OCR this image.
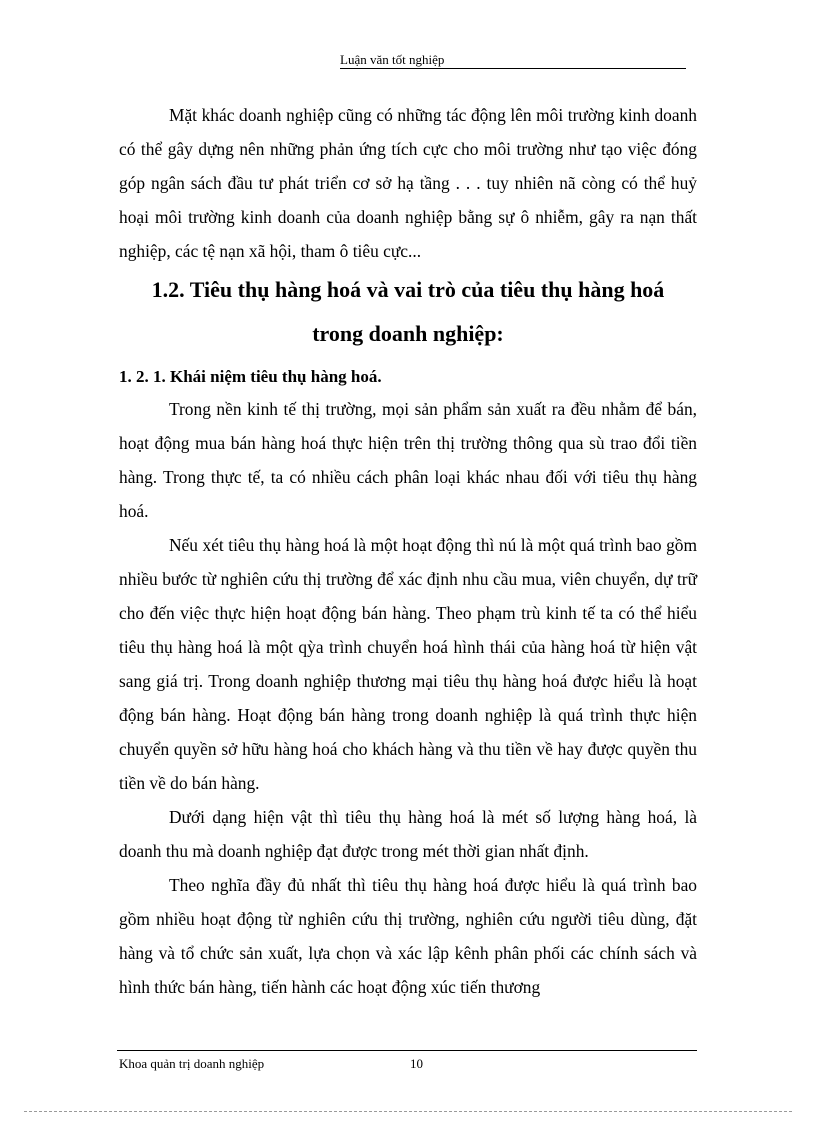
Luận văn tốt nghiệp

Mặt khác doanh nghiệp cũng có những tác động lên môi trường kinh doanh có thể gây dựng nên những phản ứng tích cực cho môi trường như tạo việc đóng góp ngân sách đầu tư phát triển cơ sở hạ tầng . . . tuy nhiên nã còng có thể huỷ hoại môi trường kinh doanh của doanh nghiệp bằng sự ô nhiễm, gây ra nạn thất nghiệp, các tệ nạn xã hội, tham ô tiêu cực...

1.2. Tiêu thụ hàng hoá và vai trò của tiêu thụ hàng hoá
trong doanh nghiệp:
1. 2. 1. Khái niệm tiêu thụ hàng hoá.

Trong nền kinh tế thị trường, mọi sản phẩm sản xuất ra đều nhằm để bán, hoạt động mua bán hàng hoá thực hiện trên thị trường thông qua sù trao đổi tiền hàng. Trong thực tế, ta có nhiều cách phân loại khác nhau đối với tiêu thụ hàng hoá.

Nếu xét tiêu thụ hàng hoá là một hoạt động thì nú là một quá trình bao gồm nhiều bước từ nghiên cứu thị trường để xác định nhu cầu mua, viên chuyển, dự trữ cho đến việc thực hiện hoạt động bán hàng. Theo phạm trù kinh tế ta có thể hiểu tiêu thụ hàng hoá là một qỳa trình chuyển hoá hình thái của hàng hoá từ hiện vật sang giá trị. Trong doanh nghiệp thương mại tiêu thụ hàng hoá được hiểu là hoạt động bán hàng. Hoạt động bán hàng trong doanh nghiệp là quá trình thực hiện chuyển quyền sở hữu hàng hoá cho khách hàng và thu tiền về hay được quyền thu tiền về do bán hàng.

Dưới dạng hiện vật thì tiêu thụ hàng hoá là mét số lượng hàng hoá, là doanh thu mà doanh nghiệp đạt được trong mét thời gian nhất định.

Theo nghĩa đầy đủ nhất thì tiêu thụ hàng hoá được hiểu là quá trình bao gồm nhiều hoạt động từ nghiên cứu thị trường, nghiên cứu người tiêu dùng, đặt hàng và tổ chức sản xuất, lựa chọn và xác lập kênh phân phối các chính sách và hình thức bán hàng, tiến hành các hoạt động xúc tiến thương

Khoa quản trị doanh nghiệp	10
